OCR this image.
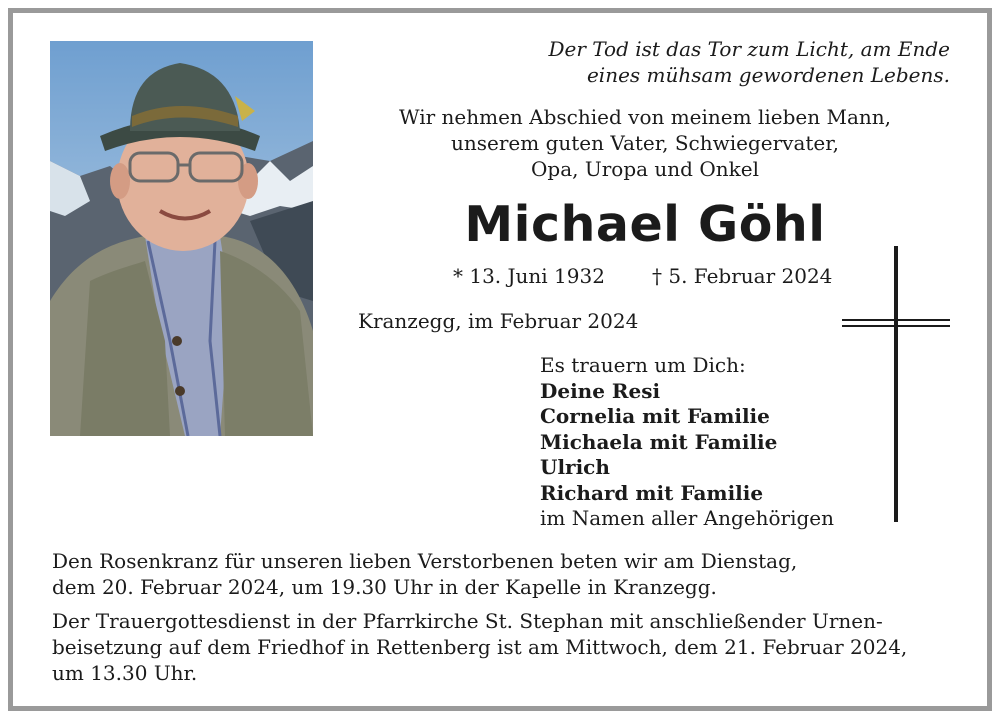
Der Tod ist das Tor zum Licht, am Ende
eines mühsam gewordenen Lebens.
Wir nehmen Abschied von meinem lieben Mann,
unserem guten Vater, Schwiegervater,
Opa, Uropa und Onkel
Michael Göhl
* 13. Juni 1932 † 5. Februar 2024
Kranzegg, im Februar 2024
Es trauern um Dich:
Deine Resi
Cornelia mit Familie
Michaela mit Familie
Ulrich
Richard mit Familie
im Namen aller Angehörigen
Den Rosenkranz für unseren lieben Verstorbenen beten wir am Dienstag,
dem 20. Februar 2024, um 19.30 Uhr in der Kapelle in Kranzegg.
Der Trauergottesdienst in der Pfarrkirche St. Stephan mit anschließender Urnen-
beisetzung auf dem Friedhof in Rettenberg ist am Mittwoch, dem 21. Februar 2024,
um 13.30 Uhr.
